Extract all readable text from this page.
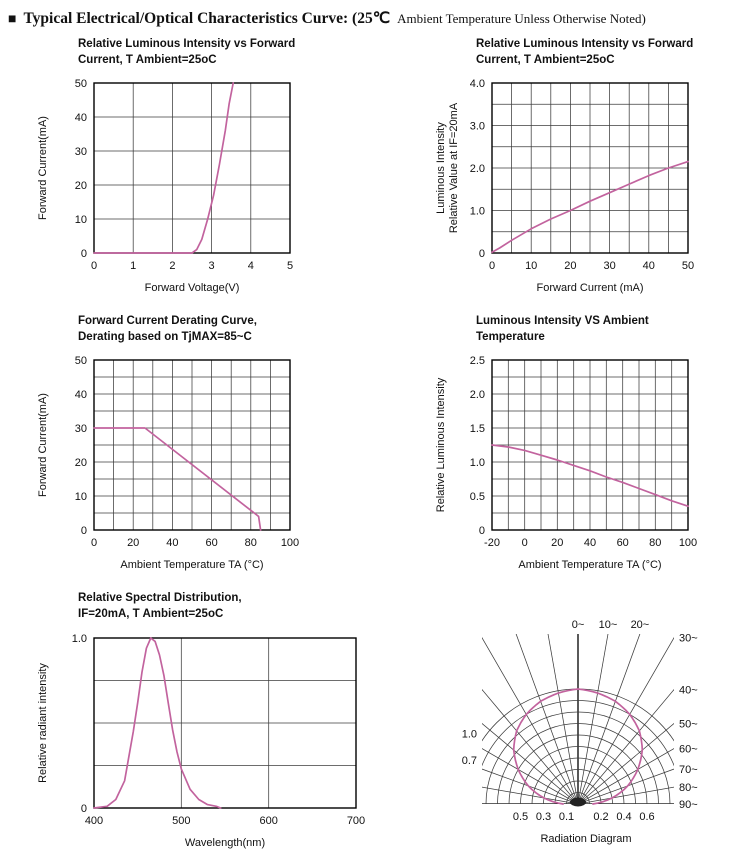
■ Typical Electrical/Optical Characteristics Curve: (25℃ Ambient Temperature Unless Otherwise Noted)
Relative Luminous Intensity vs Forward
Current, T Ambient=25oC
0	1	2	3	4	5
0
10
20
30
40
50
Forward Voltage(V)
Forward Current(mA)
Relative Luminous Intensity vs Forward
Current, T Ambient=25oC
0	10 20 30 40 50
0
1.0
2.0
3.0
4.0
Forward Current (mA)
Luminous Intensity Relative Value at IF=20mA
Forward Current Derating Curve,
Derating based on TjMAX=85~C
0	20 40 60 80 100
0
10
20
30
40
50
Ambient Temperature TA (°C)
Forward Current(mA)
Luminous Intensity VS Ambient
Temperature
-20 0 20 40 60 80 100
0
0.5
1.0
1.5
2.0
2.5
Ambient Temperature TA (°C)
Relative Luminous Intensity
Relative Spectral Distribution,
IF=20mA, T Ambient=25oC
400	500	600	700
0
1.0
Wavelength(nm)
Relative radiant intensity
0~ 10~ 20~
30~
40~
50~
60~
70~
80~
90~
0.5 0.3 0.1 0.2 0.4 0.6
1.0
0.7
Radiation Diagram
